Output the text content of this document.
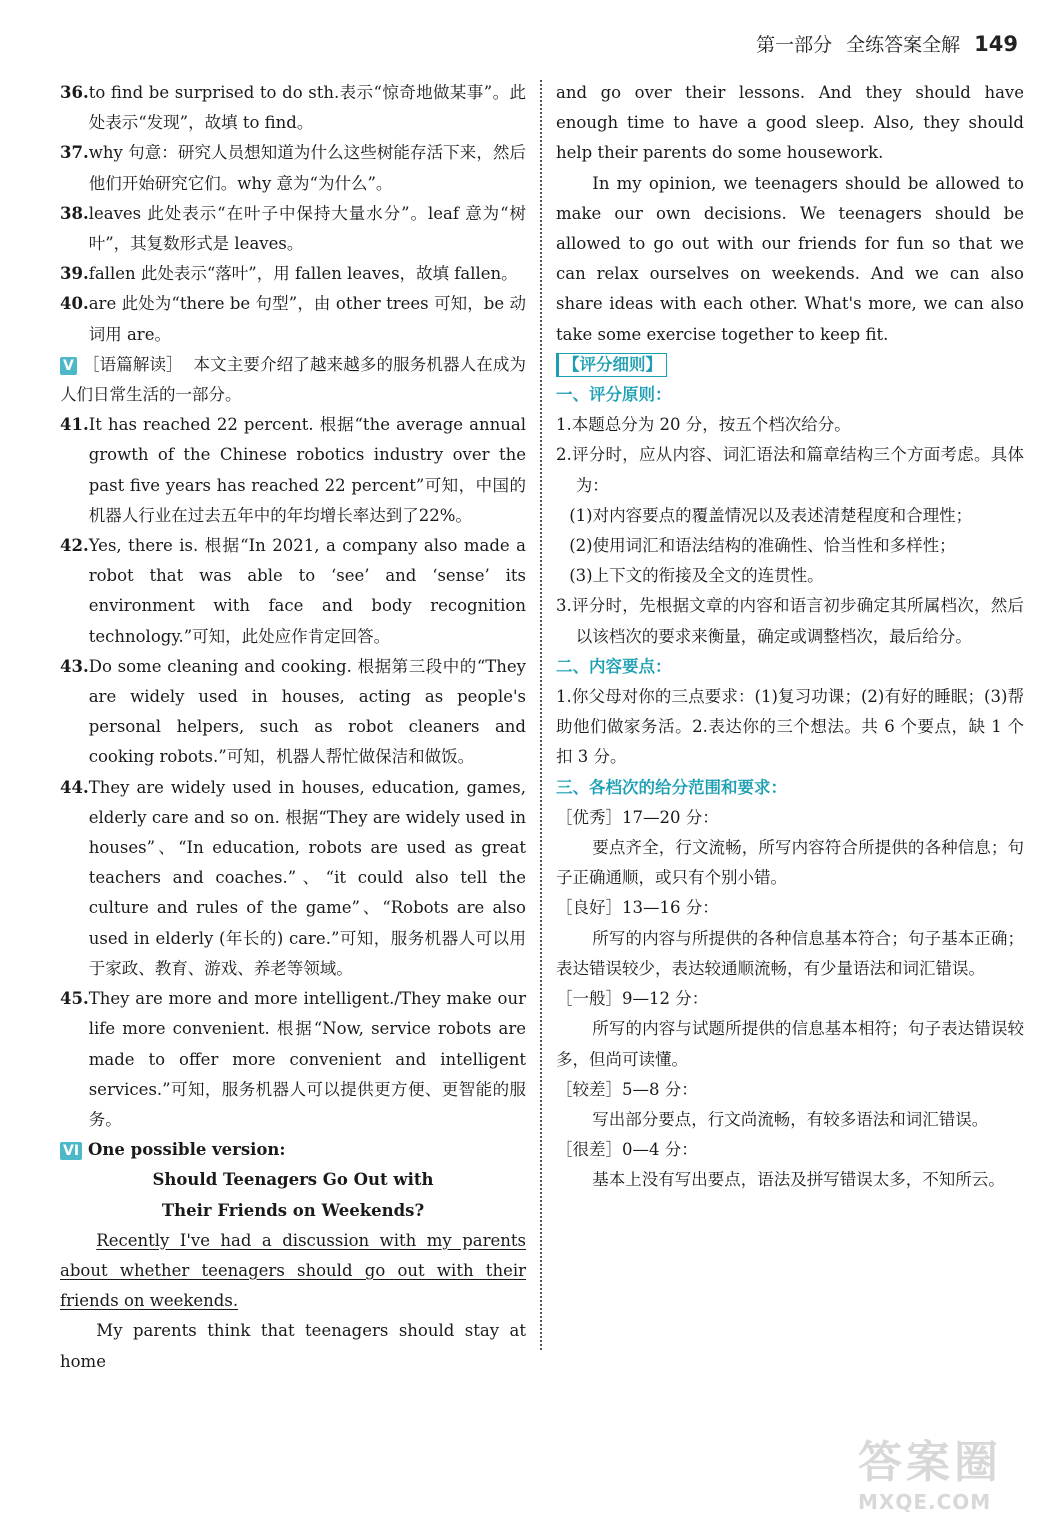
第一部分 全练答案全解 149
36. to find be surprised to do sth.表示“惊奇地做某事”。此处表示“发现”，故填 to find。
37. why 句意：研究人员想知道为什么这些树能存活下来，然后他们开始研究它们。why 意为“为什么”。
38. leaves 此处表示“在叶子中保持大量水分”。leaf 意为“树叶”，其复数形式是 leaves。
39. fallen 此处表示“落叶”，用 fallen leaves，故填 fallen。
40. are 此处为“there be 句型”，由 other trees 可知，be 动词用 are。
V ［语篇解读］ 本文主要介绍了越来越多的服务机器人在成为人们日常生活的一部分。
41. It has reached 22 percent. 根据“the average annual growth of the Chinese robotics industry over the past five years has reached 22 percent”可知，中国的机器人行业在过去五年中的年均增长率达到了22%。
42. Yes, there is. 根据“In 2021, a company also made a robot that was able to ‘see’ and ‘sense’ its environment with face and body recognition technology.”可知，此处应作肯定回答。
43. Do some cleaning and cooking. 根据第三段中的“They are widely used in houses, acting as people's personal helpers, such as robot cleaners and cooking robots.”可知，机器人帮忙做保洁和做饭。
44. They are widely used in houses, education, games, elderly care and so on. 根据“They are widely used in houses”、“In education, robots are used as great teachers and coaches.”、“it could also tell the culture and rules of the game”、“Robots are also used in elderly (年长的) care.”可知，服务机器人可以用于家政、教育、游戏、养老等领域。
45. They are more and more intelligent./They make our life more convenient. 根据“Now, service robots are made to offer more convenient and intelligent services.”可知，服务机器人可以提供更方便、更智能的服务。
VI One possible version:
Should Teenagers Go Out with
Their Friends on Weekends?
Recently I've had a discussion with my parents about whether teenagers should go out with their friends on weekends.
My parents think that teenagers should stay at home
and go over their lessons. And they should have enough time to have a good sleep. Also, they should help their parents do some housework.
In my opinion, we teenagers should be allowed to make our own decisions. We teenagers should be allowed to go out with our friends for fun so that we can relax ourselves on weekends. And we can also share ideas with each other. What's more, we can also take some exercise together to keep fit.
【评分细则】
一、评分原则：
1.本题总分为 20 分，按五个档次给分。
2.评分时，应从内容、词汇语法和篇章结构三个方面考虑。具体为：
(1)对内容要点的覆盖情况以及表述清楚程度和合理性；
(2)使用词汇和语法结构的准确性、恰当性和多样性；
(3)上下文的衔接及全文的连贯性。
3.评分时，先根据文章的内容和语言初步确定其所属档次，然后以该档次的要求来衡量，确定或调整档次，最后给分。
二、内容要点：
1.你父母对你的三点要求：(1)复习功课；(2)有好的睡眠；(3)帮助他们做家务活。2.表达你的三个想法。共 6 个要点，缺 1 个扣 3 分。
三、各档次的给分范围和要求：
［优秀］17—20 分：
要点齐全，行文流畅，所写内容符合所提供的各种信息；句子正确通顺，或只有个别小错。
［良好］13—16 分：
所写的内容与所提供的各种信息基本符合；句子基本正确；表达错误较少，表达较通顺流畅，有少量语法和词汇错误。
［一般］9—12 分：
所写的内容与试题所提供的信息基本相符；句子表达错误较多，但尚可读懂。
［较差］5—8 分：
写出部分要点，行文尚流畅，有较多语法和词汇错误。
［很差］0—4 分：
基本上没有写出要点，语法及拼写错误太多，不知所云。
答案圈
MXQE.COM
